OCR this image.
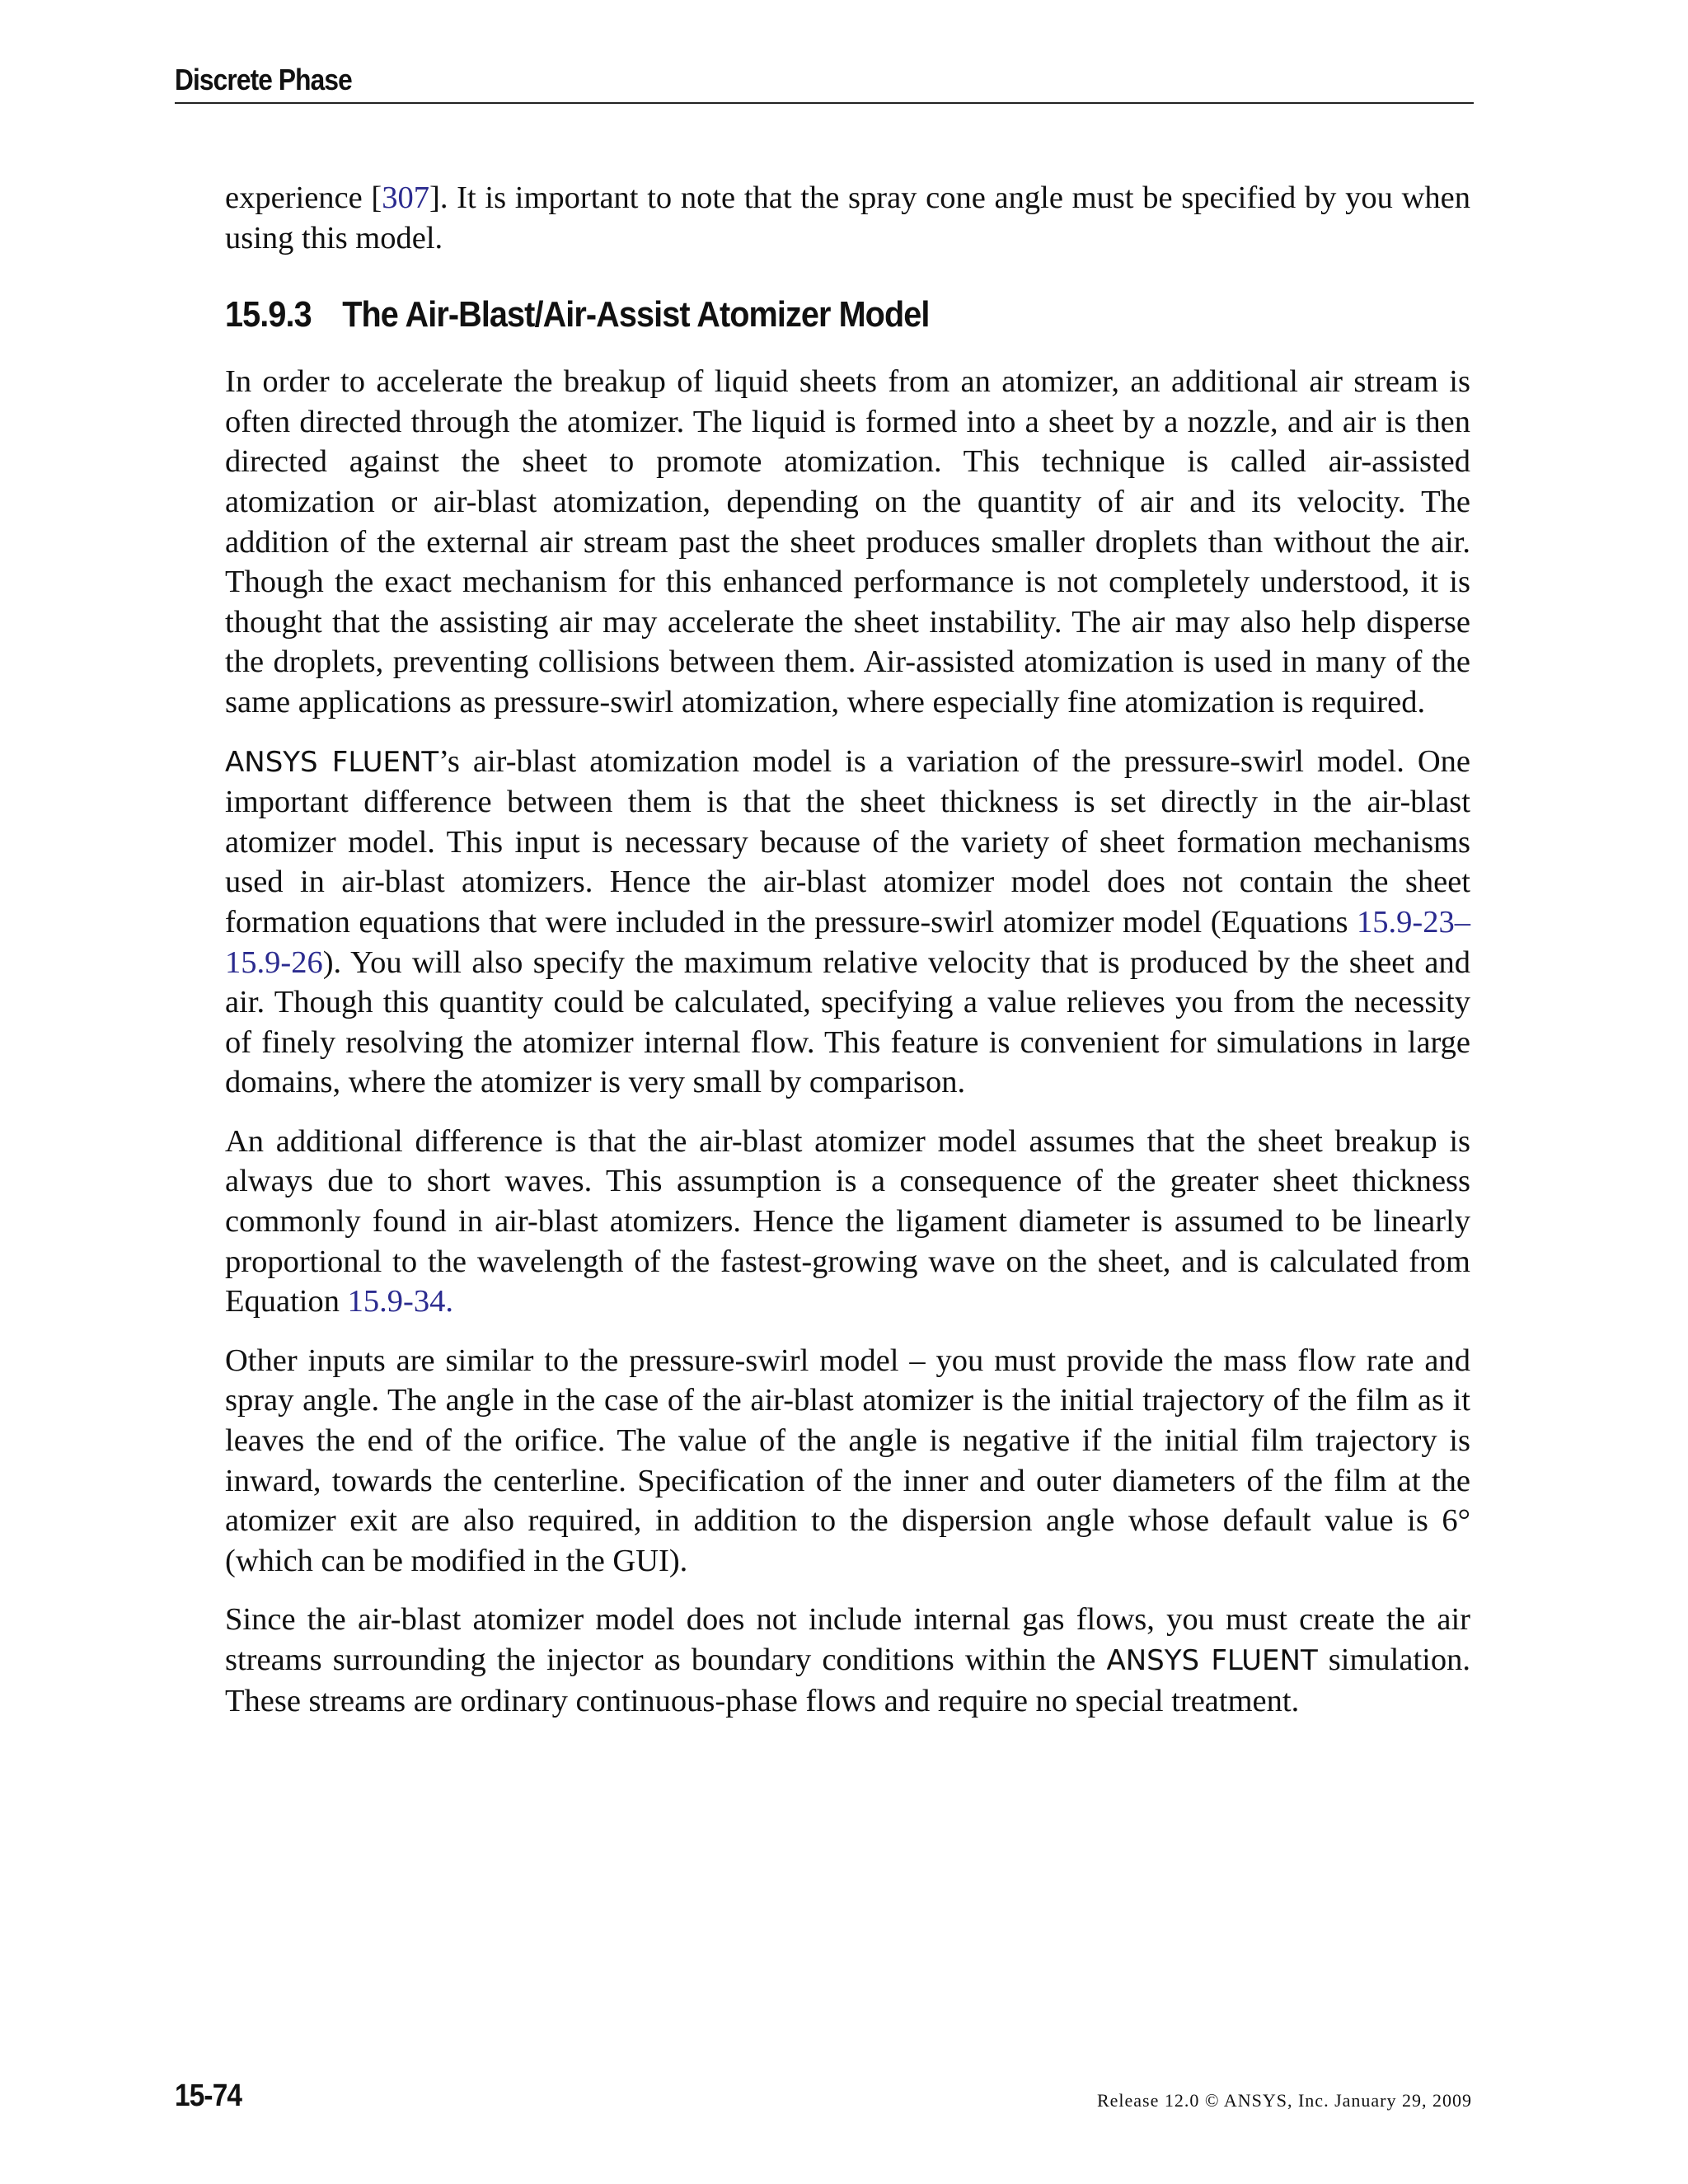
Discrete Phase

experience [307]. It is important to note that the spray cone angle must be specified by you when using this model.

15.9.3 The Air-Blast/Air-Assist Atomizer Model

In order to accelerate the breakup of liquid sheets from an atomizer, an additional air stream is often directed through the atomizer. The liquid is formed into a sheet by a nozzle, and air is then directed against the sheet to promote atomization. This technique is called air-assisted atomization or air-blast atomization, depending on the quantity of air and its velocity. The addition of the external air stream past the sheet produces smaller droplets than without the air. Though the exact mechanism for this enhanced performance is not completely understood, it is thought that the assisting air may accelerate the sheet instability. The air may also help disperse the droplets, preventing collisions between them. Air-assisted atomization is used in many of the same applications as pressure-swirl atomization, where especially fine atomization is required.

ANSYS FLUENT’s air-blast atomization model is a variation of the pressure-swirl model. One important difference between them is that the sheet thickness is set directly in the air-blast atomizer model. This input is necessary because of the variety of sheet formation mechanisms used in air-blast atomizers. Hence the air-blast atomizer model does not contain the sheet formation equations that were included in the pressure-swirl atomizer model (Equations 15.9-23–15.9-26). You will also specify the maximum relative velocity that is produced by the sheet and air. Though this quantity could be calculated, specifying a value relieves you from the necessity of finely resolving the atomizer internal flow. This feature is convenient for simulations in large domains, where the atomizer is very small by comparison.

An additional difference is that the air-blast atomizer model assumes that the sheet breakup is always due to short waves. This assumption is a consequence of the greater sheet thickness commonly found in air-blast atomizers. Hence the ligament diameter is assumed to be linearly proportional to the wavelength of the fastest-growing wave on the sheet, and is calculated from Equation 15.9-34.

Other inputs are similar to the pressure-swirl model – you must provide the mass flow rate and spray angle. The angle in the case of the air-blast atomizer is the initial trajectory of the film as it leaves the end of the orifice. The value of the angle is negative if the initial film trajectory is inward, towards the centerline. Specification of the inner and outer diameters of the film at the atomizer exit are also required, in addition to the dispersion angle whose default value is 6° (which can be modified in the GUI).

Since the air-blast atomizer model does not include internal gas flows, you must create the air streams surrounding the injector as boundary conditions within the ANSYS FLUENT simulation. These streams are ordinary continuous-phase flows and require no special treatment.

15-74	Release 12.0 © ANSYS, Inc. January 29, 2009
